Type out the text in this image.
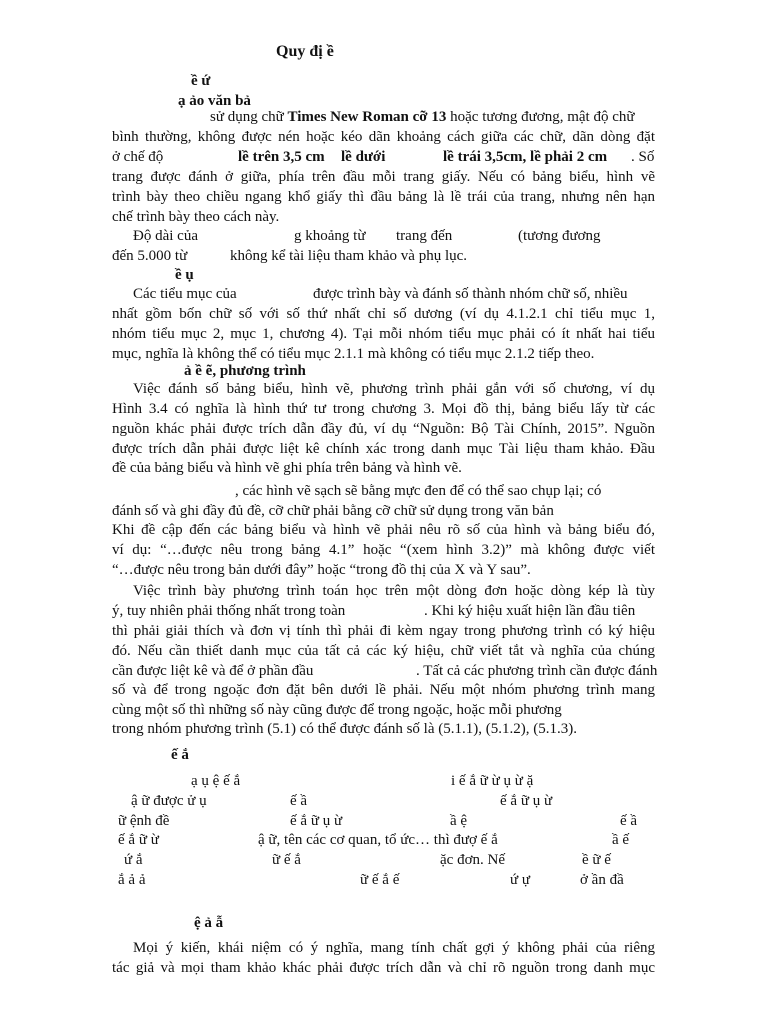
Quy đị ề
ề ứ
ạ ảo văn bả
sử dụng chữ Times New Roman cỡ 13 hoặc tương đương, mật độ chữ
bình thường, không được nén hoặc kéo dãn khoảng cách giữa các chữ, dãn dòng đặt
ở chế độ	lề trên 3,5 cm lề dưới	lề trái 3,5cm, lề phải 2 cm . Số
trang được đánh ở giữa, phía trên đầu mỗi trang giấy. Nếu có bảng biểu, hình vẽ
trình bày theo chiều ngang khổ giấy thì đầu bảng là lề trái của trang, nhưng nên hạn
chế trình bày theo cách này.
Độ dài của	g khoảng từ trang đến	(tương đương
đến 5.000 từ	không kể tài liệu tham khảo và phụ lục.
ề ụ
Các tiểu mục của	được trình bày và đánh số thành nhóm chữ số, nhiều
nhất gồm bốn chữ số với số thứ nhất chỉ số dương (ví dụ 4.1.2.1 chỉ tiểu mục 1,
nhóm tiểu mục 2, mục 1, chương 4). Tại mỗi nhóm tiểu mục phải có ít nhất hai tiểu
mục, nghĩa là không thể có tiểu mục 2.1.1 mà không có tiểu mục 2.1.2 tiếp theo.
ả ề ẽ, phương trình
Việc đánh số bảng biểu, hình vẽ, phương trình phải gắn với số chương, ví dụ
Hình 3.4 có nghĩa là hình thứ tư trong chương 3. Mọi đồ thị, bảng biểu lấy từ các
nguồn khác phải được trích dẫn đầy đủ, ví dụ “Nguồn: Bộ Tài Chính, 2015”. Nguồn
được trích dẫn phải được liệt kê chính xác trong danh mục Tài liệu tham khảo. Đầu
đề của bảng biểu và hình vẽ ghi phía trên bảng và hình vẽ.
, các hình vẽ sạch sẽ bằng mực đen để có thể sao chụp lại; có
đánh số và ghi đầy đủ đề, cỡ chữ phải bằng cỡ chữ sử dụng trong văn bản
Khi đề cập đến các bảng biểu và hình vẽ phải nêu rõ số của hình và bảng biểu đó,
ví dụ: “…được nêu trong bảng 4.1” hoặc “(xem hình 3.2)” mà không được viết
“…được nêu trong bản dưới đây” hoặc “trong đồ thị của X và Y sau”.
Việc trình bày phương trình toán học trên một dòng đơn hoặc dòng kép là tùy
ý, tuy nhiên phải thống nhất trong toàn	. Khi ký hiệu xuất hiện lần đầu tiên
thì phải giải thích và đơn vị tính thì phải đi kèm ngay trong phương trình có ký hiệu
đó. Nếu cần thiết danh mục của tất cả các ký hiệu, chữ viết tắt và nghĩa của chúng
cần được liệt kê và để ở phần đầu	. Tất cả các phương trình cần được đánh
số và để trong ngoặc đơn đặt bên dưới lề phải. Nếu một nhóm phương trình mang
cùng một số thì những số này cũng được để trong ngoặc, hoặc mỗi phương
trong nhóm phương trình (5.1) có thể được đánh số là (5.1.1), (5.1.2), (5.1.3).
ế ắ
ạ ụ ệ ế ắ	i ế ắ ữ ừ ụ ừ ặ
ậ ữ được ử ụ	ế ầ	ế ắ ữ ụ ừ
ữ ệnh đề	ế ắ ữ ụ ừ	ầ ệ	ế ầ
ế ắ ữ ừ	ậ ữ, tên các cơ quan, tổ ức… thì đượ ế ắ	ầ ế
ứ ắ	ữ ế ắ	ặc đơn. Nế	ề ữ ế
ắ ả ả	ữ ế ắ ế	ứ ự	ở ần đầ
ệ ả ẫ
Mọi ý kiến, khái niệm có ý nghĩa, mang tính chất gợi ý không phải của riêng
tác giả và mọi tham khảo khác phải được trích dẫn và chỉ rõ nguồn trong danh mục
